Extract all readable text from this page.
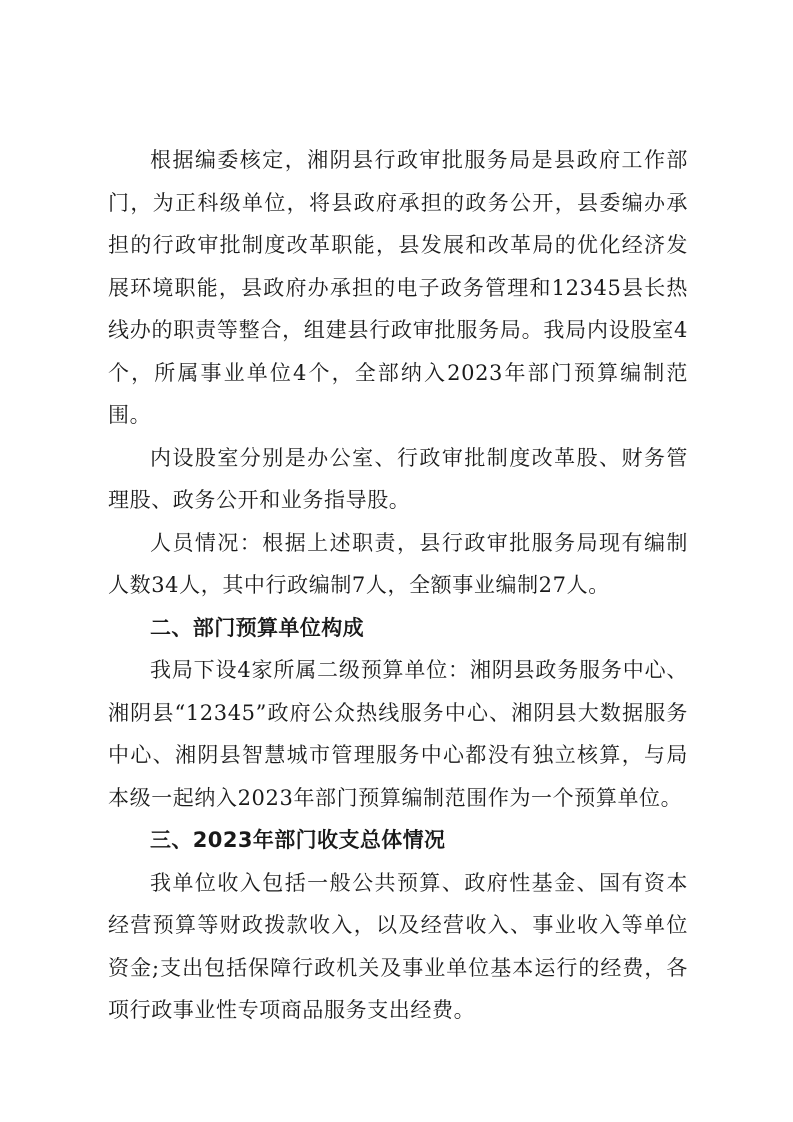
根据编委核定，湘阴县行政审批服务局是县政府工作部门，为正科级单位，将县政府承担的政务公开，县委编办承担的行政审批制度改革职能，县发展和改革局的优化经济发展环境职能，县政府办承担的电子政务管理和12345县长热线办的职责等整合，组建县行政审批服务局。我局内设股室4个，所属事业单位4个，全部纳入2023年部门预算编制范围。

内设股室分别是办公室、行政审批制度改革股、财务管理股、政务公开和业务指导股。

人员情况：根据上述职责，县行政审批服务局现有编制人数34人，其中行政编制7人，全额事业编制27人。

二、部门预算单位构成

我局下设4家所属二级预算单位：湘阴县政务服务中心、湘阴县“12345”政府公众热线服务中心、湘阴县大数据服务中心、湘阴县智慧城市管理服务中心都没有独立核算，与局本级一起纳入2023年部门预算编制范围作为一个预算单位。

三、2023年部门收支总体情况

我单位收入包括一般公共预算、政府性基金、国有资本经营预算等财政拨款收入，以及经营收入、事业收入等单位资金;支出包括保障行政机关及事业单位基本运行的经费，各项行政事业性专项商品服务支出经费。
